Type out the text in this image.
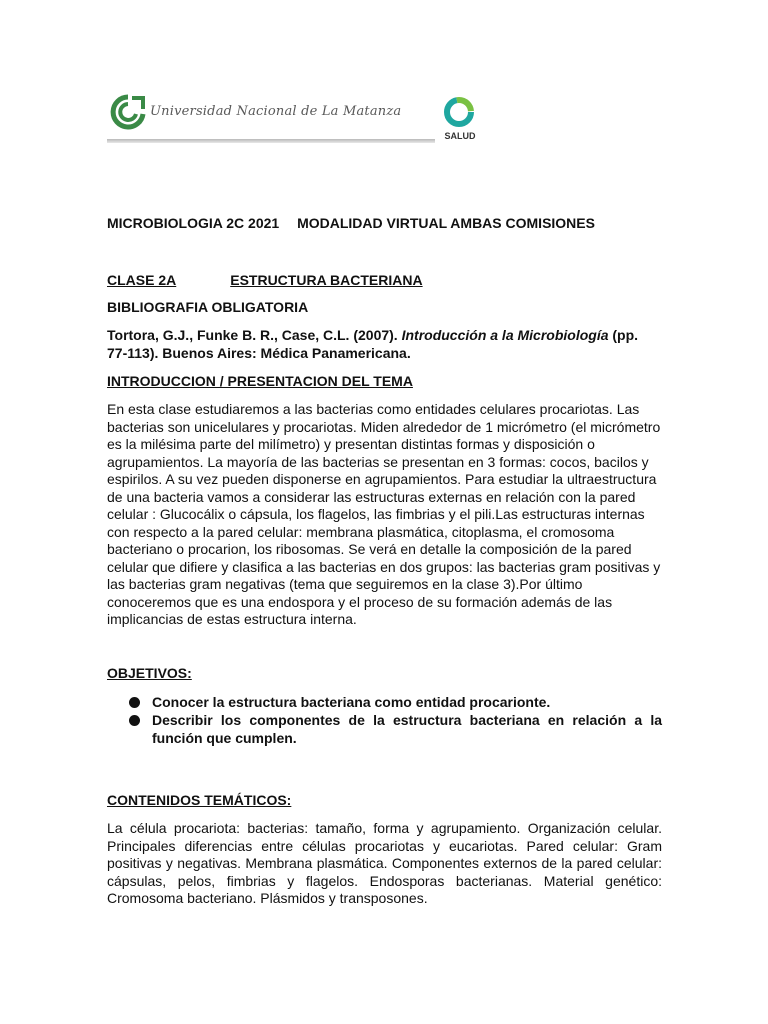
Universidad Nacional de La Matanza
SALUD
MICROBIOLOGIA 2C 2021 MODALIDAD VIRTUAL AMBAS COMISIONES
CLASE 2A	ESTRUCTURA BACTERIANA
BIBLIOGRAFIA OBLIGATORIA
Tortora, G.J., Funke B. R., Case, C.L. (2007). Introducción a la Microbiología (pp. 77-113). Buenos Aires: Médica Panamericana.
INTRODUCCION / PRESENTACION DEL TEMA
En esta clase estudiaremos a las bacterias como entidades celulares procariotas. Las bacterias son unicelulares y procariotas. Miden alrededor de 1 micrómetro (el micrómetro es la milésima parte del milímetro) y presentan distintas formas y disposición o agrupamientos. La mayoría de las bacterias se presentan en 3 formas: cocos, bacilos y espirilos. A su vez pueden disponerse en agrupamientos. Para estudiar la ultraestructura de una bacteria vamos a considerar las estructuras externas en relación con la pared celular : Glucocálix o cápsula, los flagelos, las fimbrias y el pili.Las estructuras internas con respecto a la pared celular: membrana plasmática, citoplasma, el cromosoma bacteriano o procarion, los ribosomas. Se verá en detalle la composición de la pared celular que difiere y clasifica a las bacterias en dos grupos: las bacterias gram positivas y las bacterias gram negativas (tema que seguiremos en la clase 3).Por último conoceremos que es una endospora y el proceso de su formación además de las implicancias de estas estructura interna.
OBJETIVOS:
Conocer la estructura bacteriana como entidad procarionte.
Describir los componentes de la estructura bacteriana en relación a la función que cumplen.
CONTENIDOS TEMÁTICOS:
La célula procariota: bacterias: tamaño, forma y agrupamiento. Organización celular. Principales diferencias entre células procariotas y eucariotas. Pared celular: Gram positivas y negativas. Membrana plasmática. Componentes externos de la pared celular: cápsulas, pelos, fimbrias y flagelos. Endosporas bacterianas. Material genético: Cromosoma bacteriano. Plásmidos y transposones.
